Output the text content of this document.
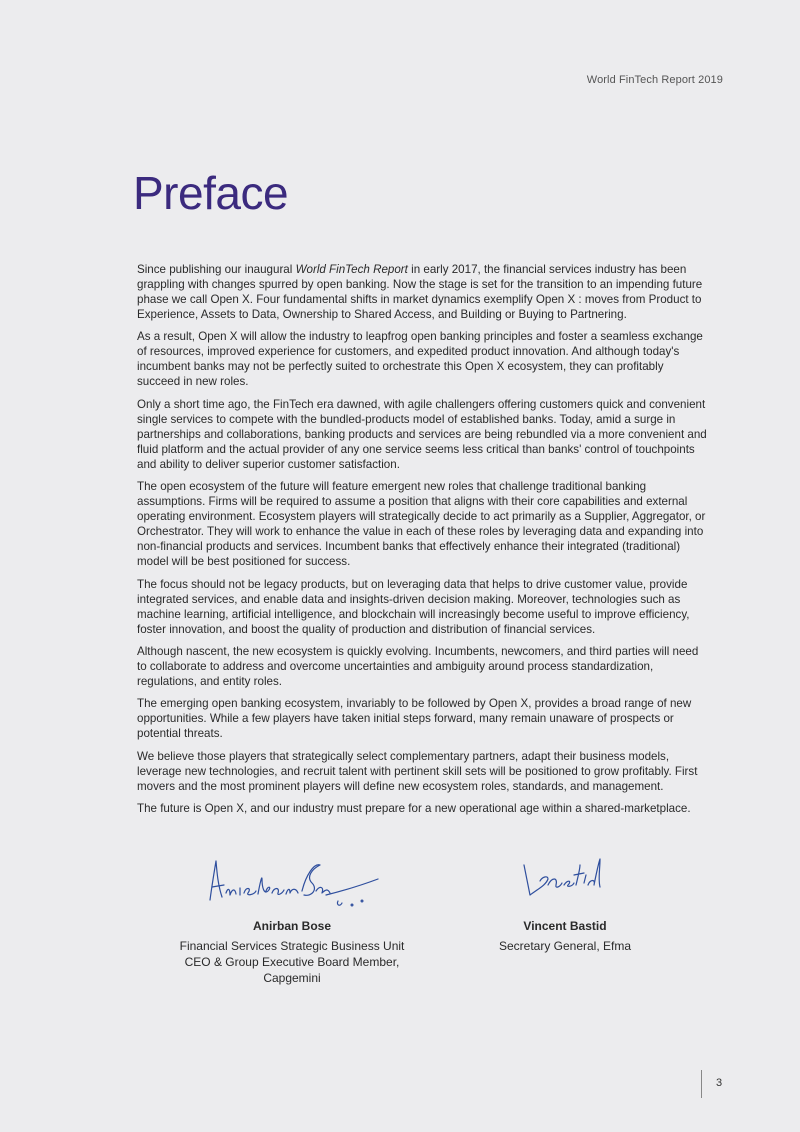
World FinTech Report 2019
Preface

Since publishing our inaugural World FinTech Report in early 2017, the financial services industry has been grappling with changes spurred by open banking. Now the stage is set for the transition to an impending future phase we call Open X. Four fundamental shifts in market dynamics exemplify Open X : moves from Product to Experience, Assets to Data, Ownership to Shared Access, and Building or Buying to Partnering.

As a result, Open X will allow the industry to leapfrog open banking principles and foster a seamless exchange of resources, improved experience for customers, and expedited product innovation. And although today's incumbent banks may not be perfectly suited to orchestrate this Open X ecosystem, they can profitably succeed in new roles.

Only a short time ago, the FinTech era dawned, with agile challengers offering customers quick and convenient single services to compete with the bundled-products model of established banks. Today, amid a surge in partnerships and collaborations, banking products and services are being rebundled via a more convenient and fluid platform and the actual provider of any one service seems less critical than banks' control of touchpoints and ability to deliver superior customer satisfaction.

The open ecosystem of the future will feature emergent new roles that challenge traditional banking assumptions. Firms will be required to assume a position that aligns with their core capabilities and external operating environment. Ecosystem players will strategically decide to act primarily as a Supplier, Aggregator, or Orchestrator. They will work to enhance the value in each of these roles by leveraging data and expanding into non-financial products and services. Incumbent banks that effectively enhance their integrated (traditional) model will be best positioned for success.

The focus should not be legacy products, but on leveraging data that helps to drive customer value, provide integrated services, and enable data and insights-driven decision making. Moreover, technologies such as machine learning, artificial intelligence, and blockchain will increasingly become useful to improve efficiency, foster innovation, and boost the quality of production and distribution of financial services.

Although nascent, the new ecosystem is quickly evolving. Incumbents, newcomers, and third parties will need to collaborate to address and overcome uncertainties and ambiguity around process standardization, regulations, and entity roles.

The emerging open banking ecosystem, invariably to be followed by Open X, provides a broad range of new opportunities. While a few players have taken initial steps forward, many remain unaware of prospects or potential threats.

We believe those players that strategically select complementary partners, adapt their business models, leverage new technologies, and recruit talent with pertinent skill sets will be positioned to grow profitably. First movers and the most prominent players will define new ecosystem roles, standards, and management.

The future is Open X, and our industry must prepare for a new operational age within a shared-marketplace.

Anirban Bose
Financial Services Strategic Business Unit
CEO & Group Executive Board Member,
Capgemini
Vincent Bastid
Secretary General, Efma
3
